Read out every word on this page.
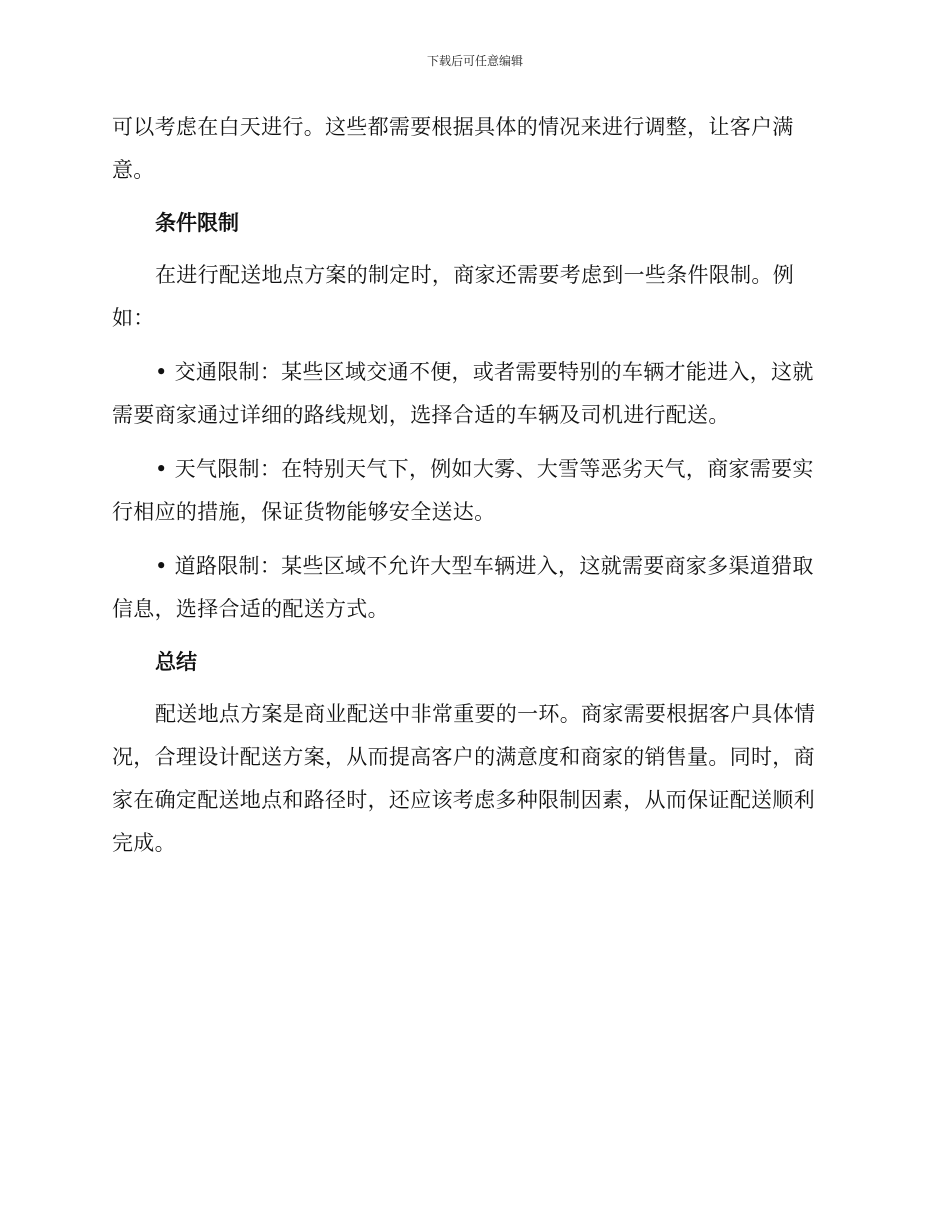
下载后可任意编辑

可以考虑在白天进行。这些都需要根据具体的情况来进行调整，让客户满意。

条件限制

在进行配送地点方案的制定时，商家还需要考虑到一些条件限制。例如：

• 交通限制：某些区域交通不便，或者需要特别的车辆才能进入，这就需要商家通过详细的路线规划，选择合适的车辆及司机进行配送。

• 天气限制：在特别天气下，例如大雾、大雪等恶劣天气，商家需要实行相应的措施，保证货物能够安全送达。

• 道路限制：某些区域不允许大型车辆进入，这就需要商家多渠道猎取信息，选择合适的配送方式。

总结

配送地点方案是商业配送中非常重要的一环。商家需要根据客户具体情况，合理设计配送方案，从而提高客户的满意度和商家的销售量。同时，商家在确定配送地点和路径时，还应该考虑多种限制因素，从而保证配送顺利完成。
